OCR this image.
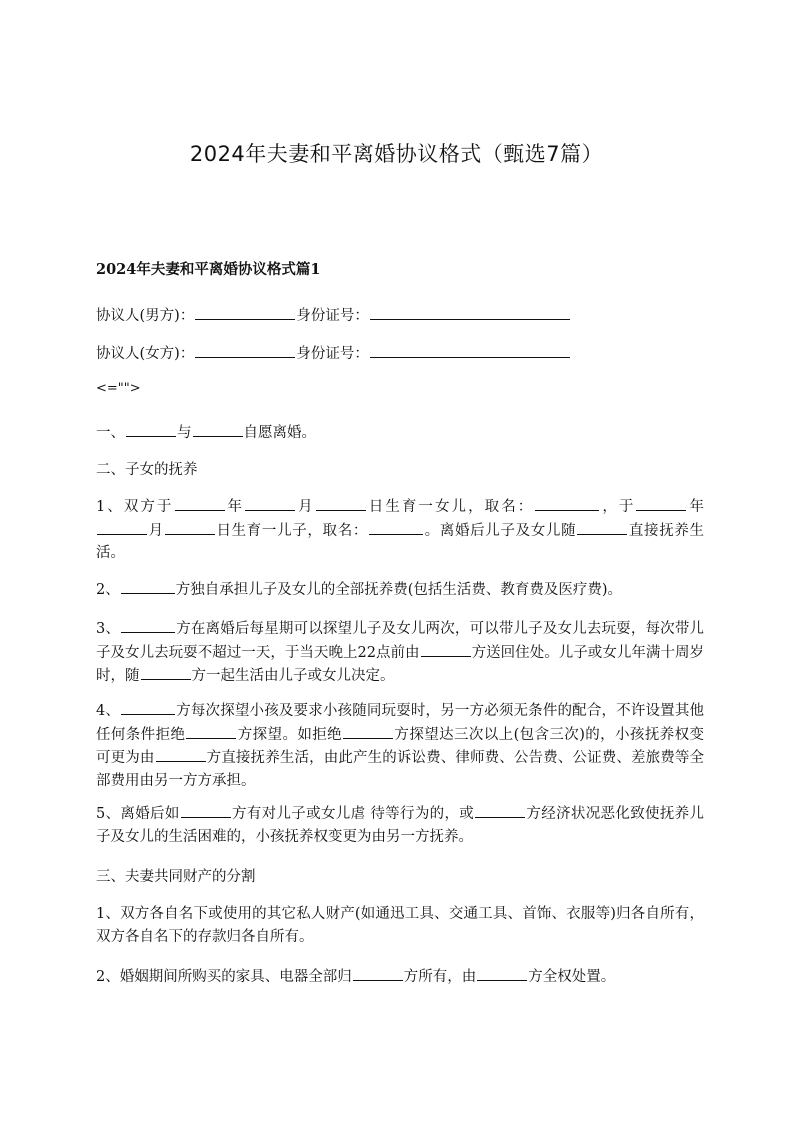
2024年夫妻和平离婚协议格式（甄选7篇）
2024年夫妻和平离婚协议格式篇1
协议人(男方)：	身份证号：
协议人(女方)：	身份证号：
<="">
一、	与	自愿离婚。
二、子女的抚养
1、双方于	年	月	日生育一女儿，取名：	，于	年月	日生育一儿子，取名：	。离婚后儿子及女儿随	直接抚养生活。
2、	方独自承担儿子及女儿的全部抚养费(包括生活费、教育费及医疗费)。
3、	方在离婚后每星期可以探望儿子及女儿两次，可以带儿子及女儿去玩耍，每次带儿子及女儿去玩耍不超过一天，于当天晚上22点前由	方送回住处。儿子或女儿年满十周岁时，随	方一起生活由儿子或女儿决定。
4、	方每次探望小孩及要求小孩随同玩耍时，另一方必须无条件的配合，不许设置其他任何条件拒绝	方探望。如拒绝	方探望达三次以上(包含三次)的，小孩抚养权变可更为由	方直接抚养生活，由此产生的诉讼费、律师费、公告费、公证费、差旅费等全部费用由另一方方承担。
5、离婚后如	方有对儿子或女儿虐 待等行为的，或	方经济状况恶化致使抚养儿子及女儿的生活困难的，小孩抚养权变更为由另一方抚养。
三、夫妻共同财产的分割
1、双方各自名下或使用的其它私人财产(如通迅工具、交通工具、首饰、衣服等)归各自所有，双方各自名下的存款归各自所有。
2、婚姻期间所购买的家具、电器全部归	方所有，由	方全权处置。
